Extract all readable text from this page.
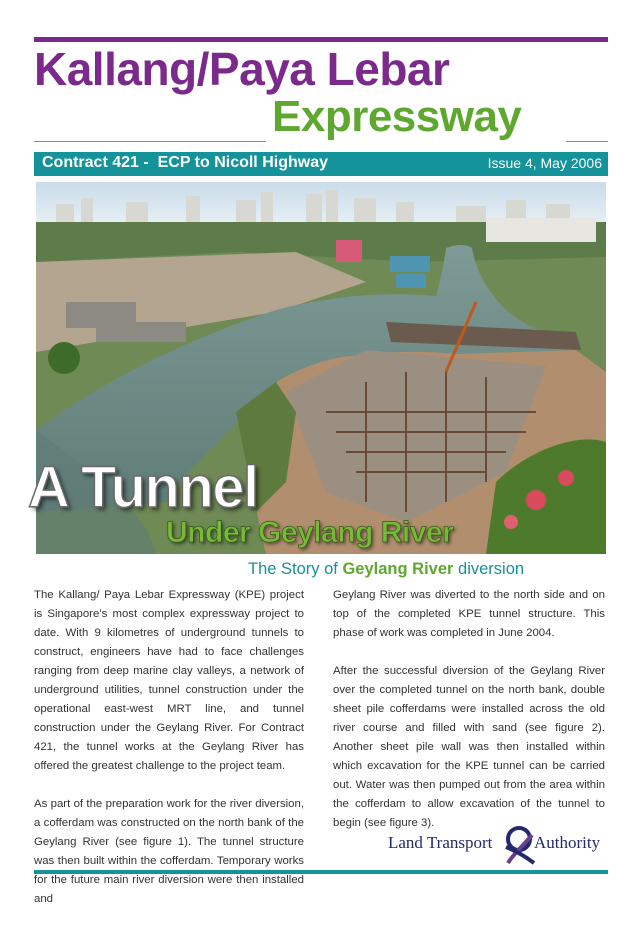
Kallang/Paya Lebar
Expressway
Contract 421 -  ECP to Nicoll Highway	Issue 4, May 2006
A Tunnel
Under Geylang River
The Story of Geylang River diversion

The Kallang/ Paya Lebar Expressway (KPE) project is Singapore’s most complex expressway project to date. With 9 kilometres of underground tunnels to construct, engineers have had to face challenges ranging from deep marine clay valleys, a network of underground utilities, tunnel construction under the operational east-west MRT line, and tunnel construction under the Geylang River. For Contract 421, the tunnel works at the Geylang River has offered the greatest challenge to the project team.

As part of the preparation work for the river diversion, a cofferdam was constructed on the north bank of the Geylang River (see figure 1). The tunnel structure was then built within the cofferdam. Temporary works for the future main river diversion were then installed and

Geylang River was diverted to the north side and on top of the completed KPE tunnel structure. This phase of work was completed in June 2004.

After the successful diversion of the Geylang River over the completed tunnel on the north bank, double sheet pile cofferdams were installed across the old river course and filled with sand (see figure 2). Another sheet pile wall was then installed within which excavation for the KPE tunnel can be carried out. Water was then pumped out from the area within the cofferdam to allow excavation of the tunnel to begin (see figure 3).

Land Transport Authority
